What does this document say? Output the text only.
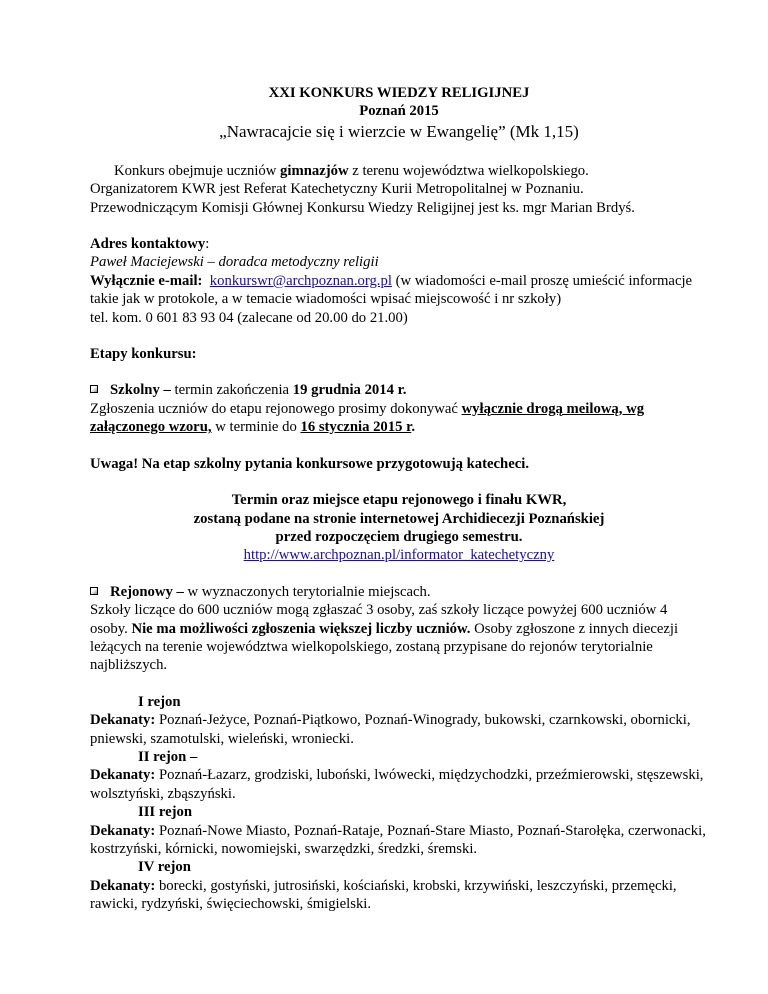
XXI KONKURS WIEDZY RELIGIJNEJ

Poznań 2015

„Nawracajcie się i wierzcie w Ewangelię” (Mk 1,15)

Konkurs obejmuje uczniów gimnazjów z terenu województwa wielkopolskiego.

Organizatorem KWR jest Referat Katechetyczny Kurii Metropolitalnej w Poznaniu.

Przewodniczącym Komisji Głównej Konkursu Wiedzy Religijnej jest ks. mgr Marian Brdyś.

Adres kontaktowy:

Paweł Maciejewski – doradca metodyczny religii

Wyłącznie e-mail: konkurswr@archpoznan.org.pl (w wiadomości e-mail proszę umieścić informacje takie jak w protokole, a w temacie wiadomości wpisać miejscowość i nr szkoły)

tel. kom. 0 601 83 93 04 (zalecane od 20.00 do 21.00)

Etapy konkursu:

Szkolny – termin zakończenia 19 grudnia 2014 r.

Zgłoszenia uczniów do etapu rejonowego prosimy dokonywać wyłącznie drogą meilową, wg załączonego wzoru, w terminie do 16 stycznia 2015 r.

Uwaga! Na etap szkolny pytania konkursowe przygotowują katecheci.

Termin oraz miejsce etapu rejonowego i finału KWR,

zostaną podane na stronie internetowej Archidiecezji Poznańskiej

przed rozpoczęciem drugiego semestru.

http://www.archpoznan.pl/informator_katechetyczny

Rejonowy – w wyznaczonych terytorialnie miejscach.
Szkoły liczące do 600 uczniów mogą zgłaszać 3 osoby, zaś szkoły liczące powyżej 600 uczniów 4 osoby. Nie ma możliwości zgłoszenia większej liczby uczniów. Osoby zgłoszone z innych diecezji leżących na terenie województwa wielkopolskiego, zostaną przypisane do rejonów terytorialnie najbliższych.

I rejon

Dekanaty: Poznań-Jeżyce, Poznań-Piątkowo, Poznań-Winogrady, bukowski, czarnkowski, obornicki, pniewski, szamotulski, wieleński, wroniecki.

II rejon –

Dekanaty: Poznań-Łazarz, grodziski, luboński, lwówecki, międzychodzki, przeźmierowski, stęszewski, wolsztyński, zbąszyński.

III rejon

Dekanaty: Poznań-Nowe Miasto, Poznań-Rataje, Poznań-Stare Miasto, Poznań-Starołęka, czerwonacki, kostrzyński, kórnicki, nowomiejski, swarzędzki, średzki, śremski.

IV rejon

Dekanaty: borecki, gostyński, jutrosiński, kościański, krobski, krzywiński, leszczyński, przemęcki, rawicki, rydzyński, święciechowski, śmigielski.
